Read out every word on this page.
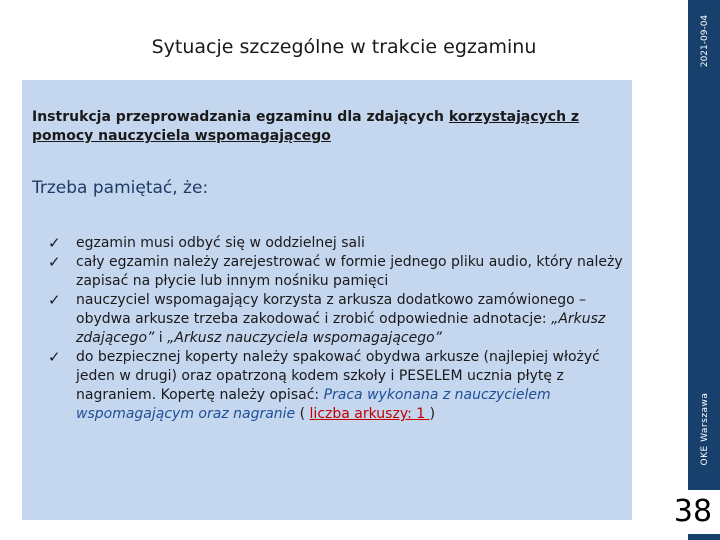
Sytuacje szczególne w trakcie egzaminu	2021-09-04
OKE Warszawa
Instrukcja przeprowadzania egzaminu dla zdających korzystających z pomocy nauczyciela wspomagającego
Trzeba pamiętać, że:
✓	egzamin musi odbyć się w oddzielnej sali
✓	cały egzamin należy zarejestrować w formie jednego pliku audio, który należy zapisać na płycie lub innym nośniku pamięci
✓	nauczyciel wspomagający korzysta z arkusza dodatkowo zamówionego – obydwa arkusze trzeba zakodować i zrobić odpowiednie adnotacje: „Arkusz zdającego” i „Arkusz nauczyciela wspomagającego”
✓	do bezpiecznej koperty należy spakować obydwa arkusze (najlepiej włożyć jeden w drugi) oraz opatrzoną kodem szkoły i PESELEM ucznia płytę z nagraniem. Kopertę należy opisać: Praca wykonana z nauczycielem wspomagającym oraz nagranie ( liczba arkuszy: 1 )
38
